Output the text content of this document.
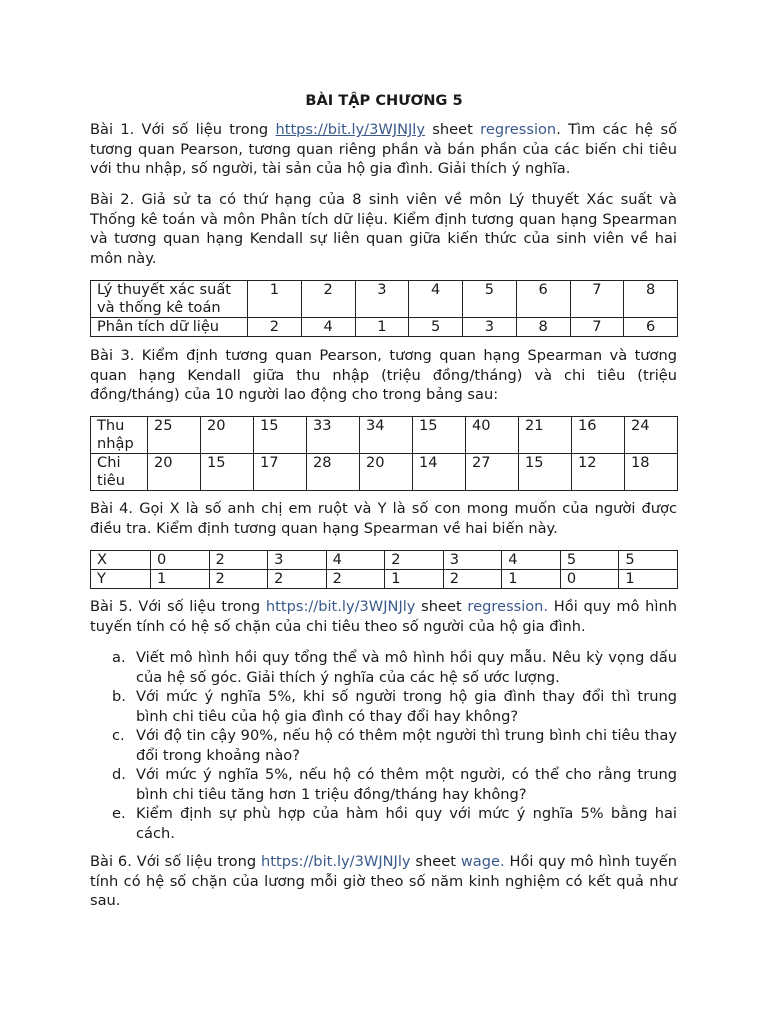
BÀI TẬP CHƯƠNG 5
Bài 1. Với số liệu trong https://bit.ly/3WJNJly sheet regression. Tìm các hệ số tương quan Pearson, tương quan riêng phần và bán phần của các biến chi tiêu với thu nhập, số người, tài sản của hộ gia đình. Giải thích ý nghĩa.
Bài 2. Giả sử ta có thứ hạng của 8 sinh viên về môn Lý thuyết Xác suất và Thống kê toán và môn Phân tích dữ liệu. Kiểm định tương quan hạng Spearman và tương quan hạng Kendall sự liên quan giữa kiến thức của sinh viên về hai môn này.
Lý thuyết xác suất và thống kê toán	1	2	3	4	5	6	7	8
Phân tích dữ liệu	2	4	1	5	3	8	7	6
Bài 3. Kiểm định tương quan Pearson, tương quan hạng Spearman và tương quan hạng Kendall giữa thu nhập (triệu đồng/tháng) và chi tiêu (triệu đồng/tháng) của 10 người lao động cho trong bảng sau:
Thu nhập	25	20	15	33	34	15	40	21	16	24
Chi tiêu	20	15	17	28	20	14	27	15	12	18
Bài 4. Gọi X là số anh chị em ruột và Y là số con mong muốn của người được điều tra. Kiểm định tương quan hạng Spearman về hai biến này.
X	0	2	3	4	2	3	4	5	5
Y	1	2	2	2	1	2	1	0	1
Bài 5. Với số liệu trong https://bit.ly/3WJNJly sheet regression. Hồi quy mô hình tuyến tính có hệ số chặn của chi tiêu theo số người của hộ gia đình.
a. Viết mô hình hồi quy tổng thể và mô hình hồi quy mẫu. Nêu kỳ vọng dấu của hệ số góc. Giải thích ý nghĩa của các hệ số ước lượng.
b. Với mức ý nghĩa 5%, khi số người trong hộ gia đình thay đổi thì trung bình chi tiêu của hộ gia đình có thay đổi hay không?
c. Với độ tin cậy 90%, nếu hộ có thêm một người thì trung bình chi tiêu thay đổi trong khoảng nào?
d. Với mức ý nghĩa 5%, nếu hộ có thêm một người, có thể cho rằng trung bình chi tiêu tăng hơn 1 triệu đồng/tháng hay không?
e. Kiểm định sự phù hợp của hàm hồi quy với mức ý nghĩa 5% bằng hai cách.
Bài 6. Với số liệu trong https://bit.ly/3WJNJly sheet wage. Hồi quy mô hình tuyến tính có hệ số chặn của lương mỗi giờ theo số năm kinh nghiệm có kết quả như sau.
